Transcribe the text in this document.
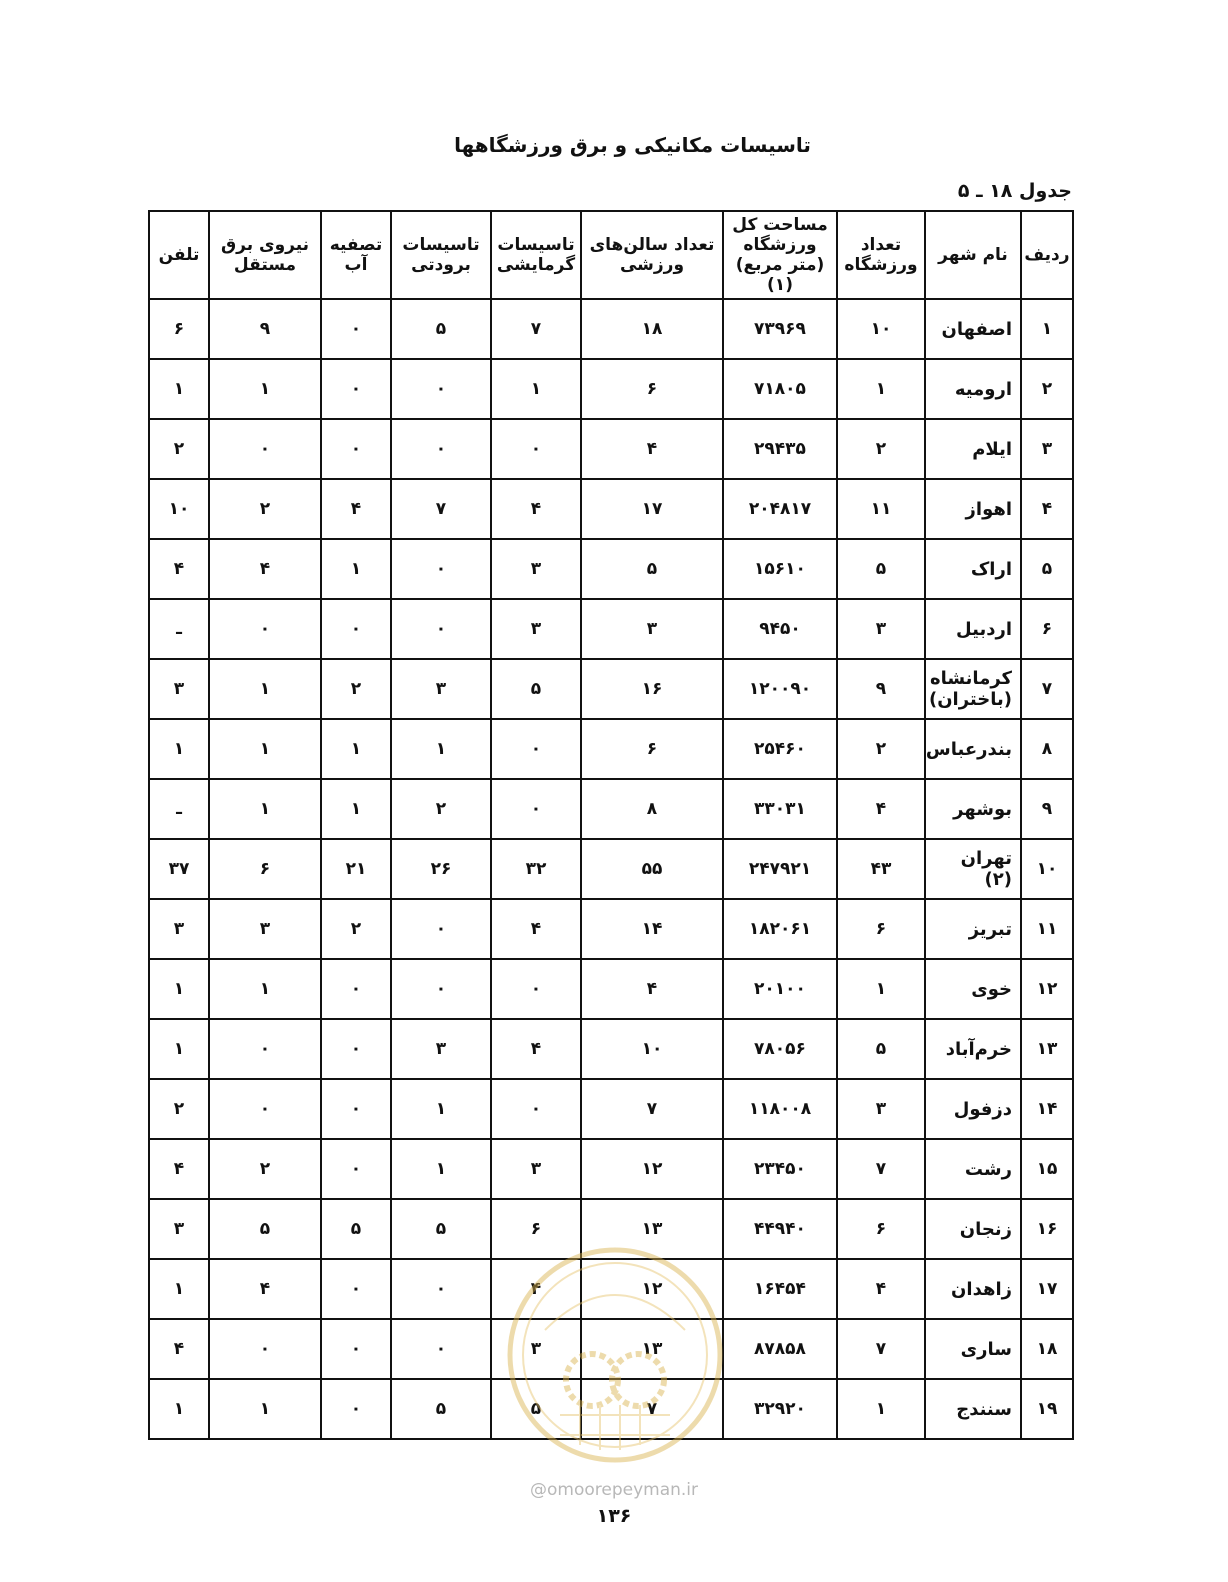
تاسیسات مکانیکی و برق ورزشگاهها
جدول ۱۸ ـ ۵
ردیف	نام شهر	تعداد ورزشگاه	مساحت کل ورزشگاه (متر مربع) (۱)	تعداد سالن‌های ورزشی	تاسیسات گرمایشی	تاسیسات برودتی	تصفیه آب	نیروی برق مستقل	تلفن
۱	اصفهان	۱۰	۷۳۹۶۹	۱۸	۷	۵	۰	۹	۶
۲	ارومیه	۱	۷۱۸۰۵	۶	۱	۰	۰	۱	۱
۳	ایلام	۲	۲۹۴۳۵	۴	۰	۰	۰	۰	۲
۴	اهواز	۱۱	۲۰۴۸۱۷	۱۷	۴	۷	۴	۲	۱۰
۵	اراک	۵	۱۵۶۱۰	۵	۳	۰	۱	۴	۴
۶	اردبیل	۳	۹۴۵۰	۳	۳	۰	۰	۰	ـ
۷	کرمانشاه (باختران)	۹	۱۲۰۰۹۰	۱۶	۵	۳	۲	۱	۳
۸	بندرعباس	۲	۲۵۴۶۰	۶	۰	۱	۱	۱	۱
۹	بوشهر	۴	۳۳۰۳۱	۸	۰	۲	۱	۱	ـ
۱۰	تهران (۲)	۴۳	۲۴۷۹۲۱	۵۵	۳۲	۲۶	۲۱	۶	۳۷
۱۱	تبریز	۶	۱۸۲۰۶۱	۱۴	۴	۰	۲	۳	۳
۱۲	خوی	۱	۲۰۱۰۰	۴	۰	۰	۰	۱	۱
۱۳	خرم‌آباد	۵	۷۸۰۵۶	۱۰	۴	۳	۰	۰	۱
۱۴	دزفول	۳	۱۱۸۰۰۸	۷	۰	۱	۰	۰	۲
۱۵	رشت	۷	۲۳۴۵۰	۱۲	۳	۱	۰	۲	۴
۱۶	زنجان	۶	۴۴۹۴۰	۱۳	۶	۵	۵	۵	۳
۱۷	زاهدان	۴	۱۶۴۵۴	۱۲	۴	۰	۰	۴	۱
۱۸	ساری	۷	۸۷۸۵۸	۱۳	۳	۰	۰	۰	۴
۱۹	سنندج	۱	۳۲۹۲۰	۷	۵	۵	۰	۱	۱
@omoorepeyman.ir
۱۳۶
